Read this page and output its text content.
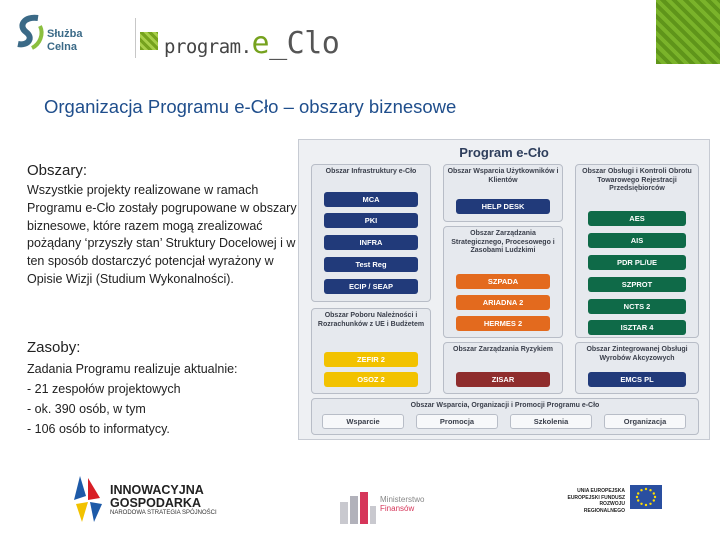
Służba
Celna	program.e_Clo
Organizacja Programu e-Cło – obszary biznesowe
Obszary:
Wszystkie projekty realizowane w ramach Programu e-Cło zostały pogrupowane w obszary biznesowe, które razem mogą zrealizować pożądany ‘przyszły stan’ Struktury Docelowej i w ten sposób dostarczyć potencjał wyrażony w Opisie Wizji (Studium Wykonalności).
Zasoby:
Zadania Programu realizuje aktualnie:
- 21 zespołów projektowych
- ok. 390 osób, w tym
- 106 osób to informatycy.
Program e-Cło
Obszar Infrastruktury e-Cło
MCA
PKI
INFRA
Test Reg
ECIP / SEAP
Obszar Wsparcia Użytkowników i Klientów
HELP DESK
Obszar Obsługi i Kontroli Obrotu Towarowego Rejestracji Przedsiębiorców
AES
AIS
PDR PL/UE
SZPROT
NCTS 2
ISZTAR 4
Obszar Zarządzania Strategicznego, Procesowego i Zasobami Ludzkimi
SZPADA
ARIADNA 2
HERMES 2
Obszar Poboru Należności i Rozrachunków z UE i Budżetem
ZEFIR 2
OSOZ 2
Obszar Zarządzania Ryzykiem
ZISAR
Obszar Zintegrowanej Obsługi Wyrobów Akcyzowych
EMCS PL
Obszar Wsparcia, Organizacji i Promocji Programu e-Cło
Wsparcie	Promocja	Szkolenia	Organizacja
INNOWACYJNA
GOSPODARKA
NARODOWA STRATEGIA SPÓJNOŚCI
Ministerstwo
Finansów
UNIA EUROPEJSKA
EUROPEJSKI FUNDUSZ
ROZWOJU REGIONALNEGO
